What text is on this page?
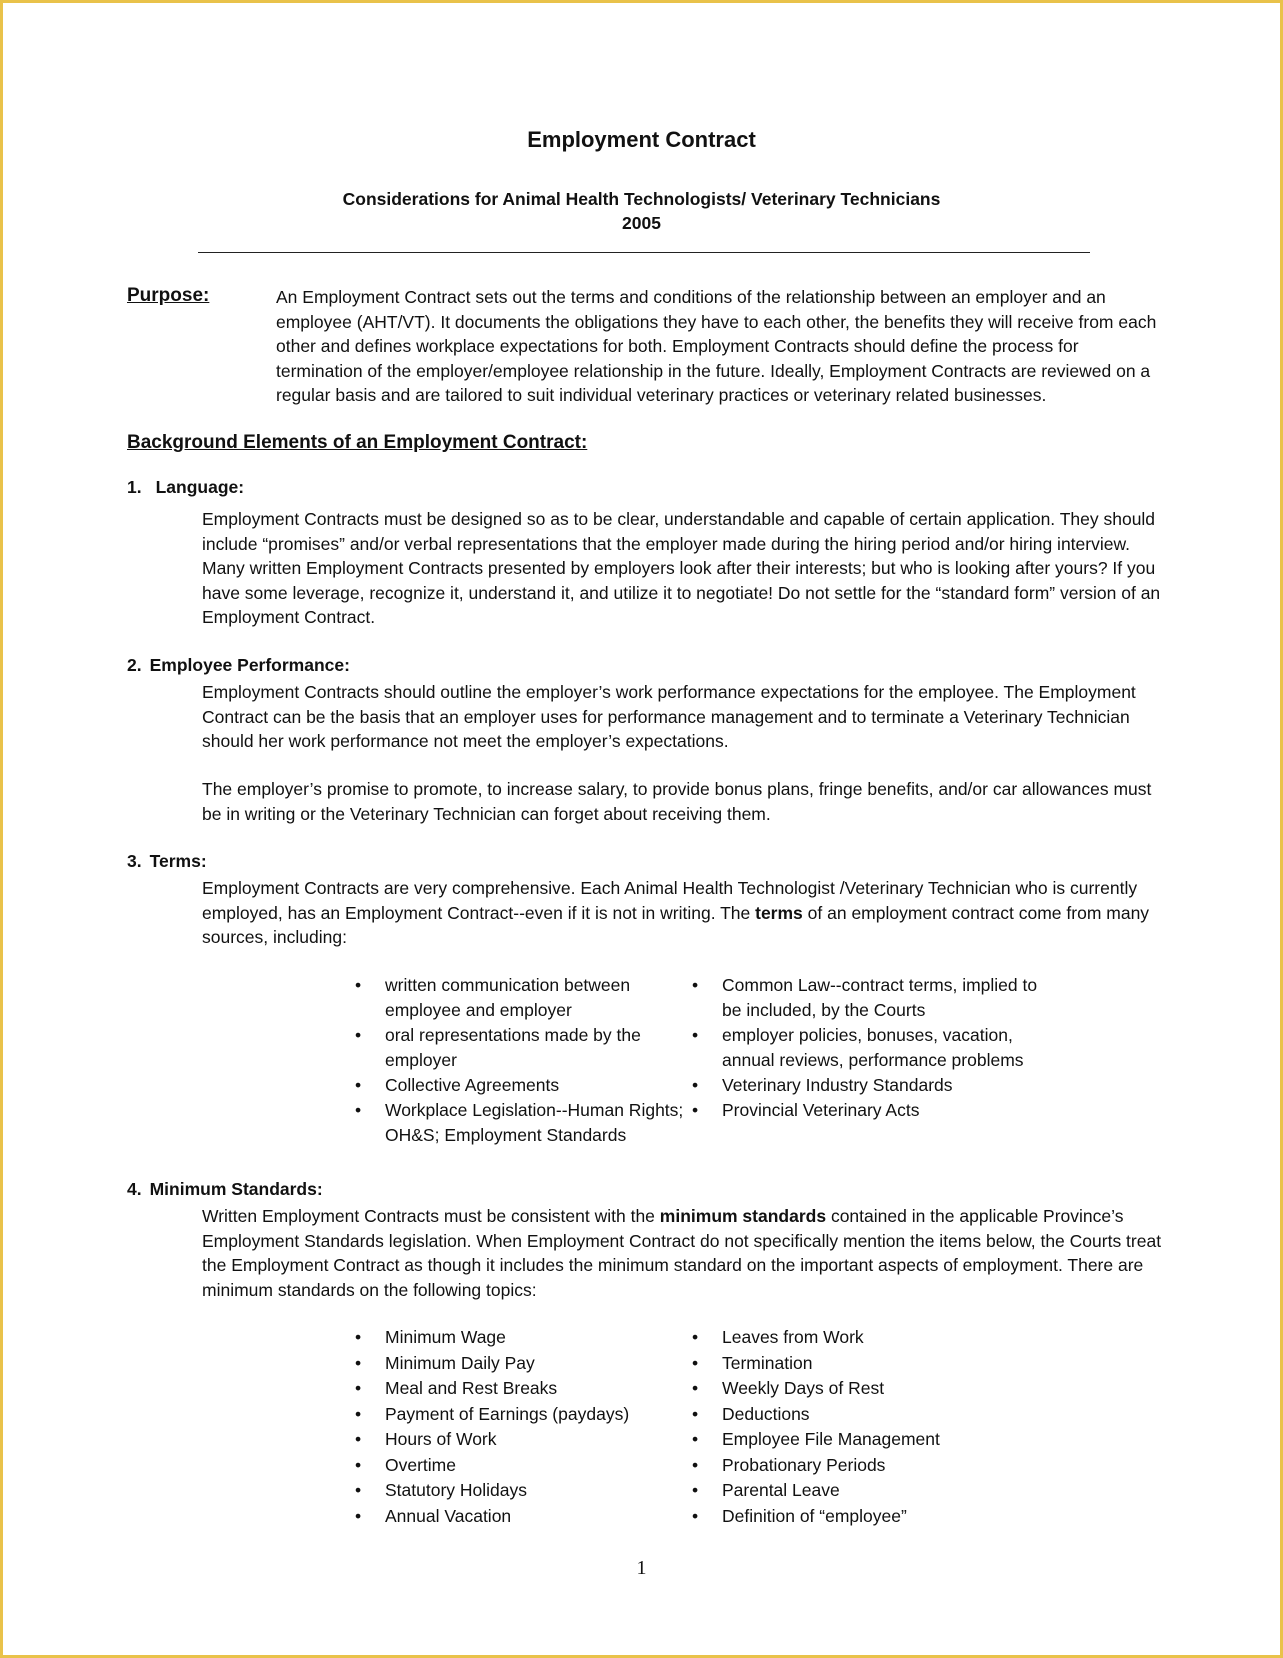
Employment Contract
Considerations for Animal Health Technologists/ Veterinary Technicians
2005
Purpose:	An Employment Contract sets out the terms and conditions of the relationship between an employer and an employee (AHT/VT). It documents the obligations they have to each other, the benefits they will receive from each other and defines workplace expectations for both. Employment Contracts should define the process for termination of the employer/employee relationship in the future. Ideally, Employment Contracts are reviewed on a regular basis and are tailored to suit individual veterinary practices or veterinary related businesses.
Background Elements of an Employment Contract:
1. Language:
Employment Contracts must be designed so as to be clear, understandable and capable of certain application. They should include “promises” and/or verbal representations that the employer made during the hiring period and/or hiring interview. Many written Employment Contracts presented by employers look after their interests; but who is looking after yours? If you have some leverage, recognize it, understand it, and utilize it to negotiate! Do not settle for the “standard form” version of an Employment Contract.
2. Employee Performance:
Employment Contracts should outline the employer’s work performance expectations for the employee. The Employment Contract can be the basis that an employer uses for performance management and to terminate a Veterinary Technician should her work performance not meet the employer’s expectations.
The employer’s promise to promote, to increase salary, to provide bonus plans, fringe benefits, and/or car allowances must be in writing or the Veterinary Technician can forget about receiving them.
3. Terms:
Employment Contracts are very comprehensive. Each Animal Health Technologist /Veterinary Technician who is currently employed, has an Employment Contract--even if it is not in writing. The terms of an employment contract come from many sources, including:
•	written communication between employee and employer
•	oral representations made by the employer
•	Collective Agreements
•	Workplace Legislation--Human Rights; OH&S; Employment Standards
•	Common Law--contract terms, implied to be included, by the Courts
•	employer policies, bonuses, vacation, annual reviews, performance problems
•	Veterinary Industry Standards
•	Provincial Veterinary Acts
4. Minimum Standards:
Written Employment Contracts must be consistent with the minimum standards contained in the applicable Province’s Employment Standards legislation. When Employment Contract do not specifically mention the items below, the Courts treat the Employment Contract as though it includes the minimum standard on the important aspects of employment. There are minimum standards on the following topics:
•	Minimum Wage
•	Minimum Daily Pay
•	Meal and Rest Breaks
•	Payment of Earnings (paydays)
•	Hours of Work
•	Overtime
•	Statutory Holidays
•	Annual Vacation
•	Leaves from Work
•	Termination
•	Weekly Days of Rest
•	Deductions
•	Employee File Management
•	Probationary Periods
•	Parental Leave
•	Definition of “employee”
1
